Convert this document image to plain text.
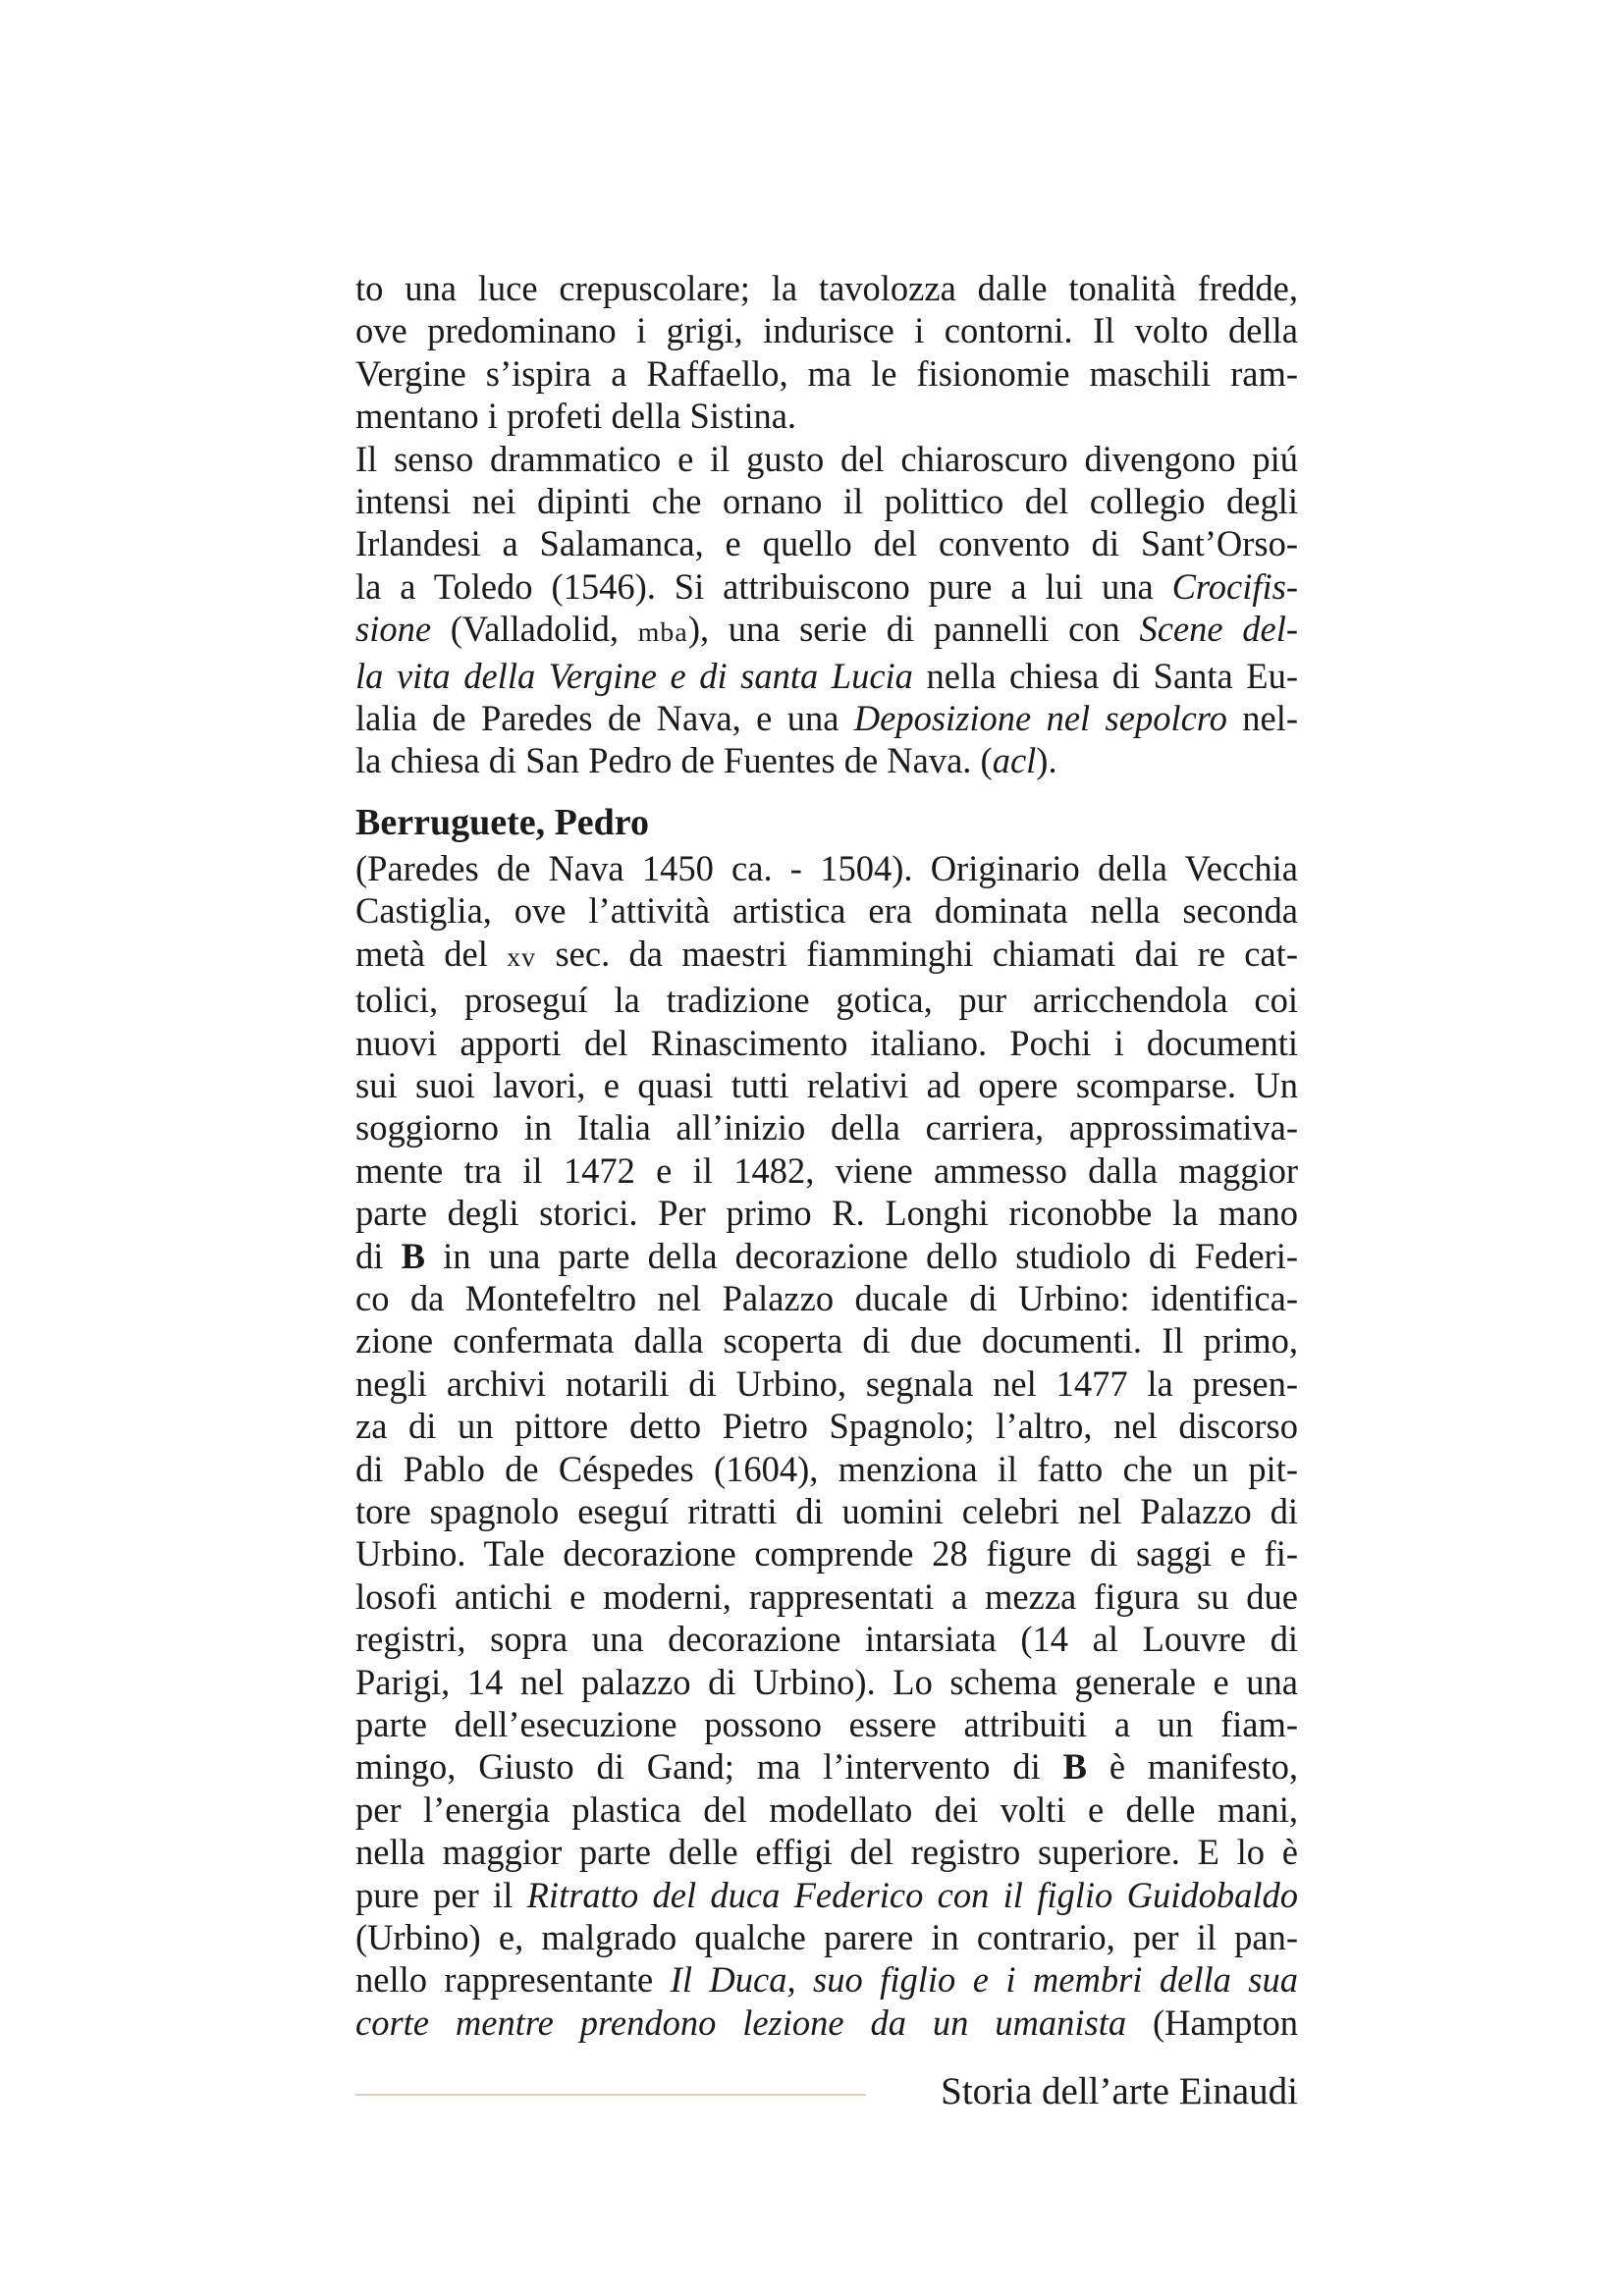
to una luce crepuscolare; la tavolozza dalle tonalità fredde,
ove predominano i grigi, indurisce i contorni. Il volto della
Vergine s’ispira a Raffaello, ma le fisionomie maschili ram-
mentano i profeti della Sistina.

Il senso drammatico e il gusto del chiaroscuro divengono piú
intensi nei dipinti che ornano il polittico del collegio degli
Irlandesi a Salamanca, e quello del convento di Sant’Orso-
la a Toledo (1546). Si attribuiscono pure a lui una Crocifis-
sione (Valladolid, mba), una serie di pannelli con Scene del-
la vita della Vergine e di santa Lucia nella chiesa di Santa Eu-
lalia de Paredes de Nava, e una Deposizione nel sepolcro nel-
la chiesa di San Pedro de Fuentes de Nava. (acl).

Berruguete, Pedro

(Paredes de Nava 1450 ca. - 1504). Originario della Vecchia
Castiglia, ove l’attività artistica era dominata nella seconda
metà del xv sec. da maestri fiamminghi chiamati dai re cat-
tolici, proseguí la tradizione gotica, pur arricchendola coi
nuovi apporti del Rinascimento italiano. Pochi i documenti
sui suoi lavori, e quasi tutti relativi ad opere scomparse. Un
soggiorno in Italia all’inizio della carriera, approssimativa-
mente tra il 1472 e il 1482, viene ammesso dalla maggior
parte degli storici. Per primo R. Longhi riconobbe la mano
di B in una parte della decorazione dello studiolo di Federi-
co da Montefeltro nel Palazzo ducale di Urbino: identifica-
zione confermata dalla scoperta di due documenti. Il primo,
negli archivi notarili di Urbino, segnala nel 1477 la presen-
za di un pittore detto Pietro Spagnolo; l’altro, nel discorso
di Pablo de Céspedes (1604), menziona il fatto che un pit-
tore spagnolo eseguí ritratti di uomini celebri nel Palazzo di
Urbino. Tale decorazione comprende 28 figure di saggi e fi-
losofi antichi e moderni, rappresentati a mezza figura su due
registri, sopra una decorazione intarsiata (14 al Louvre di
Parigi, 14 nel palazzo di Urbino). Lo schema generale e una
parte dell’esecuzione possono essere attribuiti a un fiam-
mingo, Giusto di Gand; ma l’intervento di B è manifesto,
per l’energia plastica del modellato dei volti e delle mani,
nella maggior parte delle effigi del registro superiore. E lo è
pure per il Ritratto del duca Federico con il figlio Guidobaldo
(Urbino) e, malgrado qualche parere in contrario, per il pan-
nello rappresentante Il Duca, suo figlio e i membri della sua
corte mentre prendono lezione da un umanista (Hampton

Storia dell’arte Einaudi
